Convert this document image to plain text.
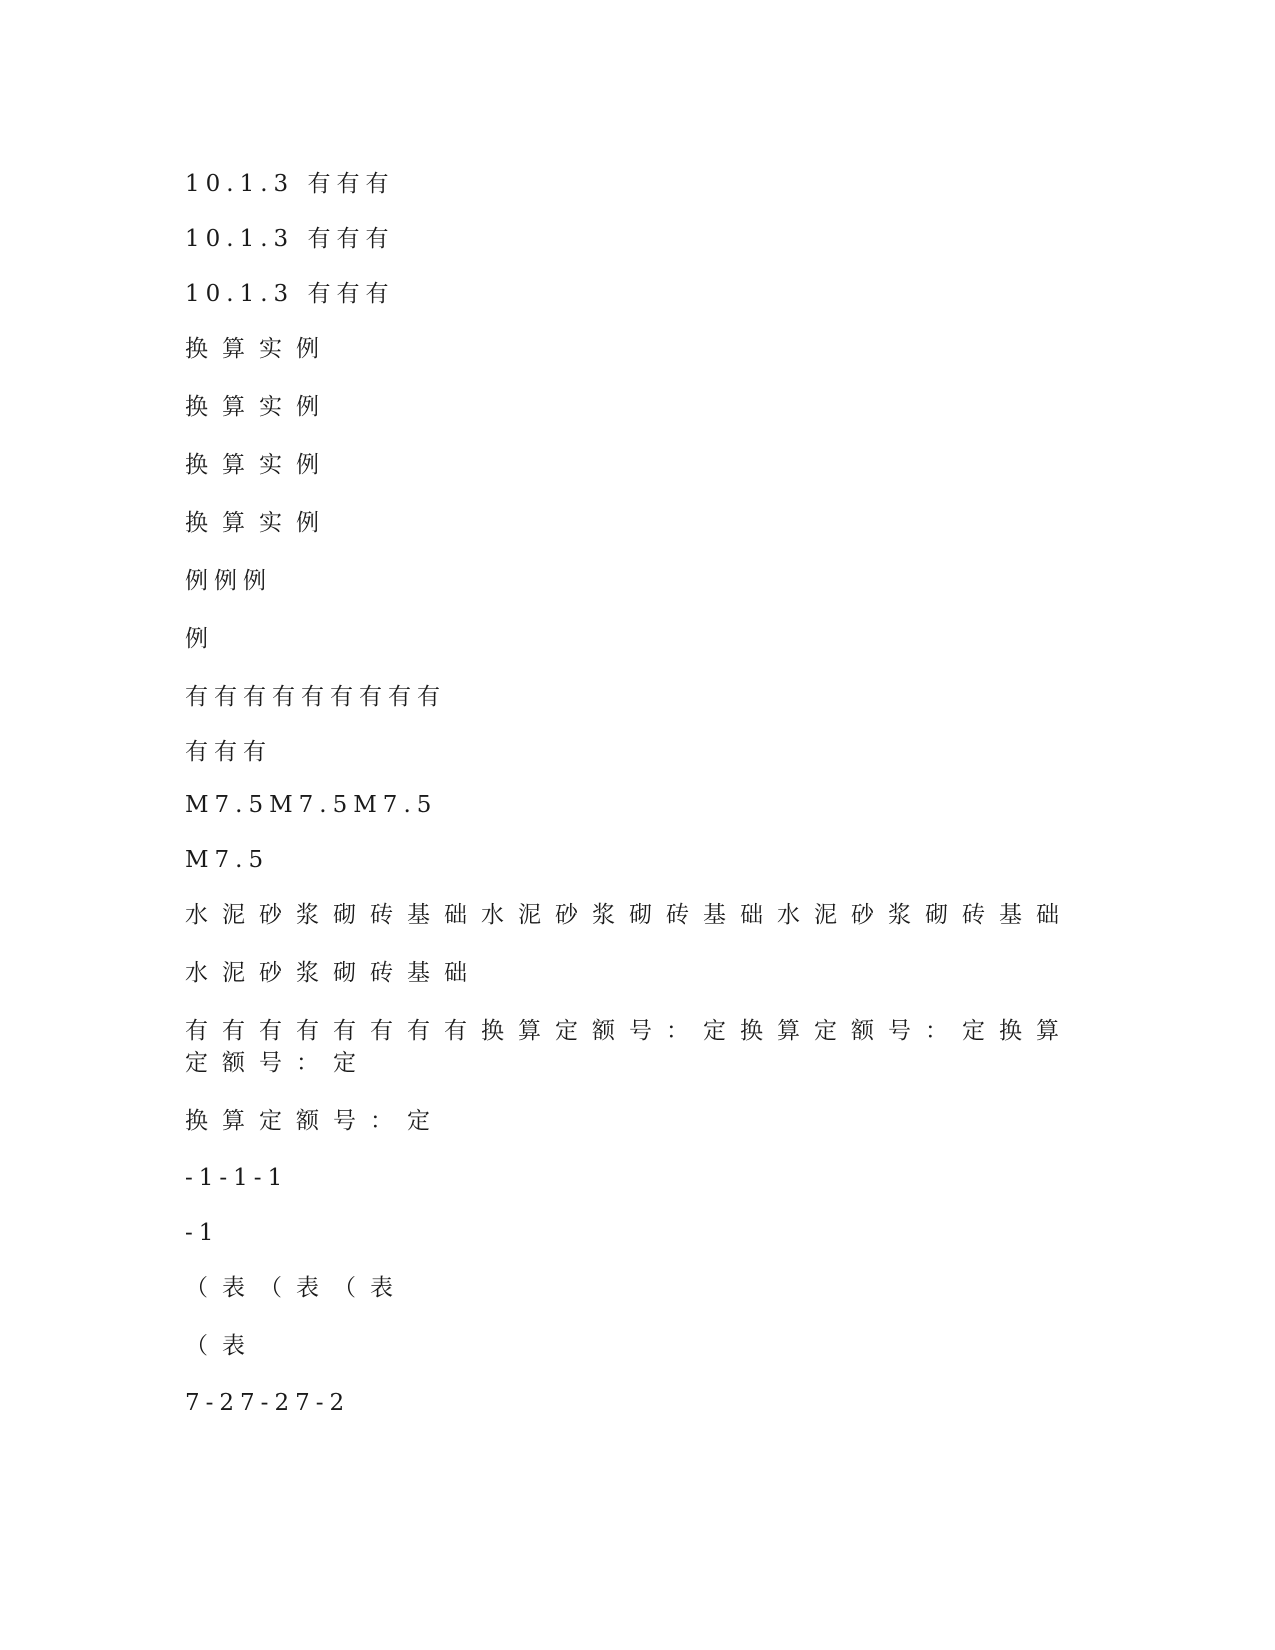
10.1.3 有有有
10.1.3 有有有
10.1.3 有有有
换算实例
换算实例
换算实例
换算实例
例例例
例
有有有有有有有有有
有有有
M7.5M7.5M7.5
M7.5
水泥砂浆砌砖基础水泥砂浆砌砖基础水泥砂浆砌砖基础
水泥砂浆砌砖基础
有有有有有有有有换算定额号：定换算定额号：定换算定额号：定
换算定额号：定
-1-1-1
-1
（表（表（表
（表
7-27-27-2
